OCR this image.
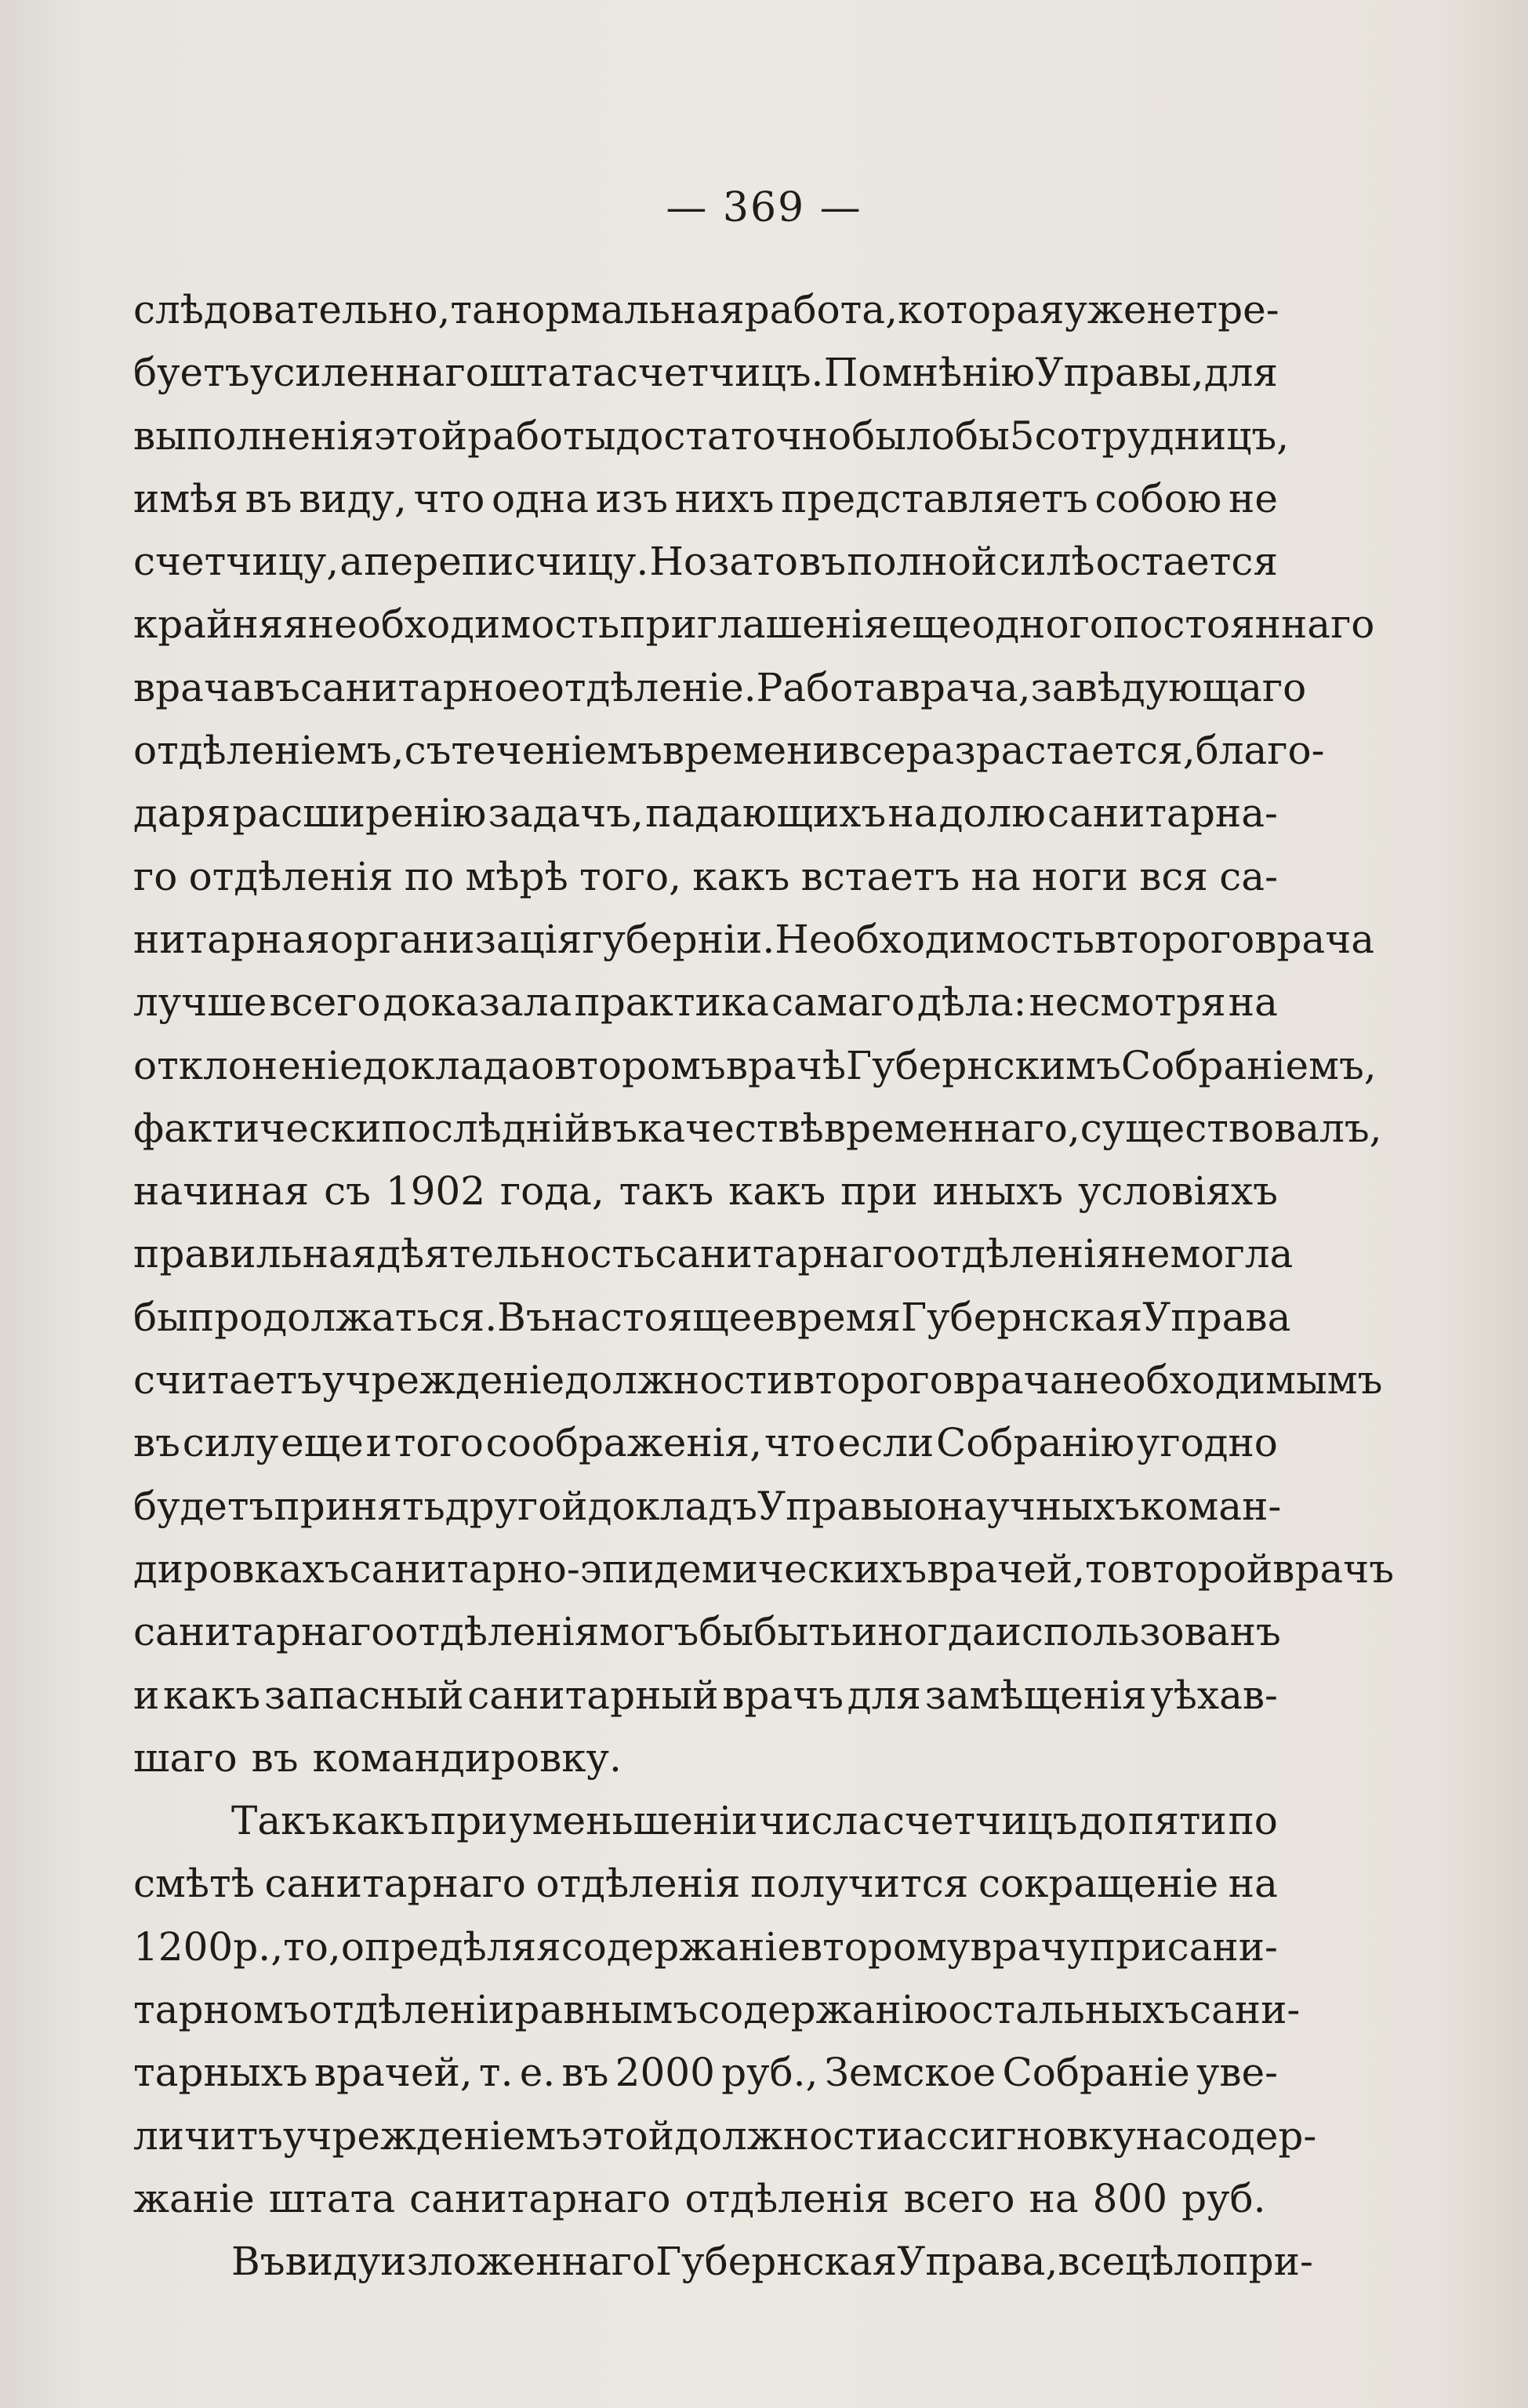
— 369 —
слѣдовательно, та нормальная работа, которая уже не тре-
буетъ усиленнаго штата счетчицъ. По мнѣнію Управы, для
выполненія этой работы достаточно было бы 5 сотрудницъ,
имѣя въ виду, что одна изъ нихъ представляетъ собою не
счетчицу, а переписчицу. Но зато въ полной силѣ остается
крайняя необходимость приглашенія еще одного постояннаго
врача въ санитарное отдѣленіе. Работа врача, завѣдующаго
отдѣленіемъ, съ теченіемъ времени все разрастается, благо-
даря расширенію задачъ, падающихъ на долю санитарна-
го отдѣленія по мѣрѣ того, какъ встаетъ на ноги вся са-
нитарная организація губерніи. Необходимость второго врача
лучше всего доказала практика самаго дѣла: несмотря на
отклоненіе доклада о второмъ врачѣ Губернскимъ Собраніемъ,
фактически послѣдній въ качествѣ временнаго, существовалъ,
начиная съ 1902 года, такъ какъ при иныхъ условіяхъ
правильная дѣятельность санитарнаго отдѣленія не могла
бы продолжаться. Въ настоящее время Губернская Управа
считаетъ учрежденіе должности второго врача необходимымъ
въ силу еще и того соображенія, что если Собранію угодно
будетъ принять другой докладъ Управы о научныхъ коман-
дировкахъ санитарно-эпидемическихъ врачей, то второй врачъ
санитарнаго отдѣленія могъ бы быть иногда использованъ
и какъ запасный санитарный врачъ для замѣщенія уѣхав-
шаго въ командировку.
Такъ какъ при уменьшеніи числа счетчицъ до пяти по
смѣтѣ санитарнаго отдѣленія получится сокращеніе на
1200 р., то, опредѣляя содержаніе второму врачу при сани-
тарномъ отдѣленіи равнымъ содержанію остальныхъ сани-
тарныхъ врачей, т. е. въ 2000 руб., Земское Собраніе уве-
личитъ учрежденіемъ этой должности ассигновку на содер-
жаніе штата санитарнаго отдѣленія всего на 800 руб.
Въ виду изложеннаго Губернская Управа, всецѣло при-
